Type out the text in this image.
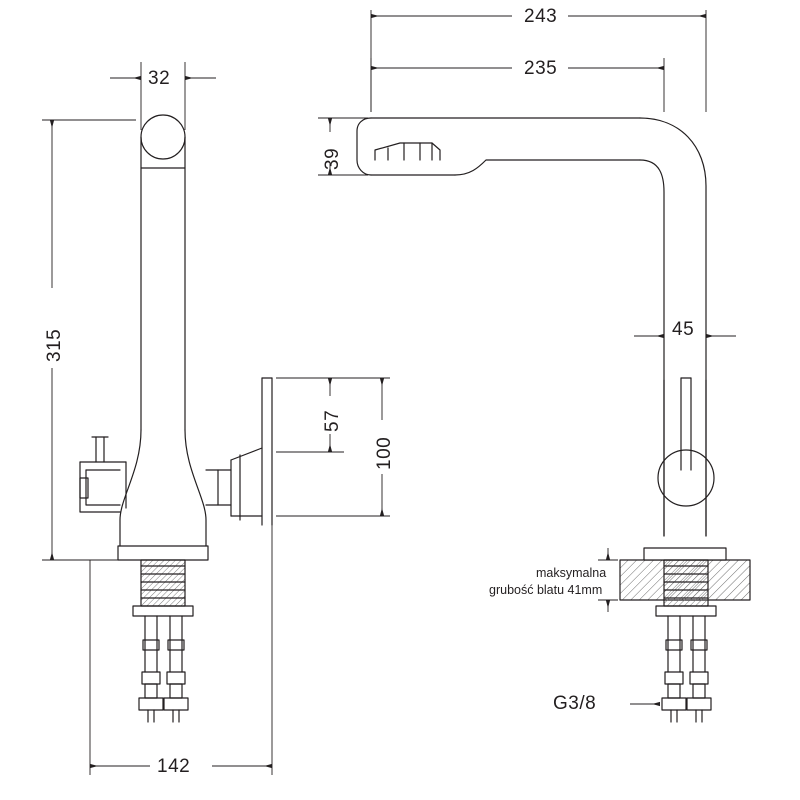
243
235
32
39
315	45
57
100
142
maksymalna
grubość blatu 41mm
G3/8
